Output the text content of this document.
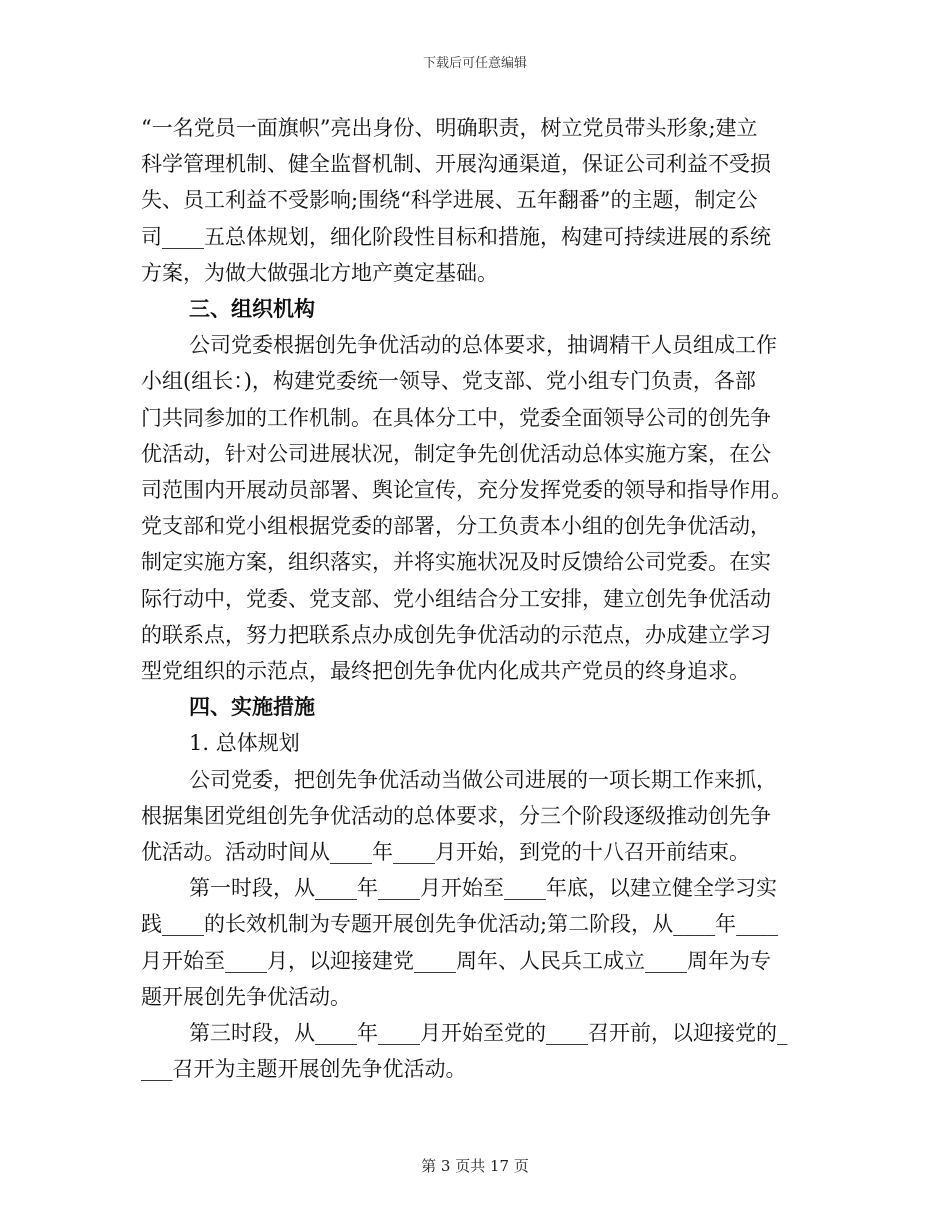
下载后可任意编辑
“一名党员一面旗帜”亮出身份、明确职责，树立党员带头形象;建立
科学管理机制、健全监督机制、开展沟通渠道，保证公司利益不受损
失、员工利益不受影响;围绕“科学进展、五年翻番”的主题，制定公
司____五总体规划，细化阶段性目标和措施，构建可持续进展的系统
方案，为做大做强北方地产奠定基础。
三、组织机构
公司党委根据创先争优活动的总体要求，抽调精干人员组成工作
小组(组长：)，构建党委统一领导、党支部、党小组专门负责，各部
门共同参加的工作机制。在具体分工中，党委全面领导公司的创先争
优活动，针对公司进展状况，制定争先创优活动总体实施方案，在公
司范围内开展动员部署、舆论宣传，充分发挥党委的领导和指导作用。
党支部和党小组根据党委的部署，分工负责本小组的创先争优活动，
制定实施方案，组织落实，并将实施状况及时反馈给公司党委。在实
际行动中，党委、党支部、党小组结合分工安排，建立创先争优活动
的联系点，努力把联系点办成创先争优活动的示范点，办成建立学习
型党组织的示范点，最终把创先争优内化成共产党员的终身追求。
四、实施措施
1. 总体规划
公司党委，把创先争优活动当做公司进展的一项长期工作来抓，
根据集团党组创先争优活动的总体要求，分三个阶段逐级推动创先争
优活动。活动时间从____年____月开始，到党的十八召开前结束。
第一时段，从____年____月开始至____年底，以建立健全学习实
践____的长效机制为专题开展创先争优活动;第二阶段，从____年____
月开始至____月，以迎接建党____周年、人民兵工成立____周年为专
题开展创先争优活动。
第三时段，从____年____月开始至党的____召开前，以迎接党的_
___召开为主题开展创先争优活动。
第 3 页共 17 页
